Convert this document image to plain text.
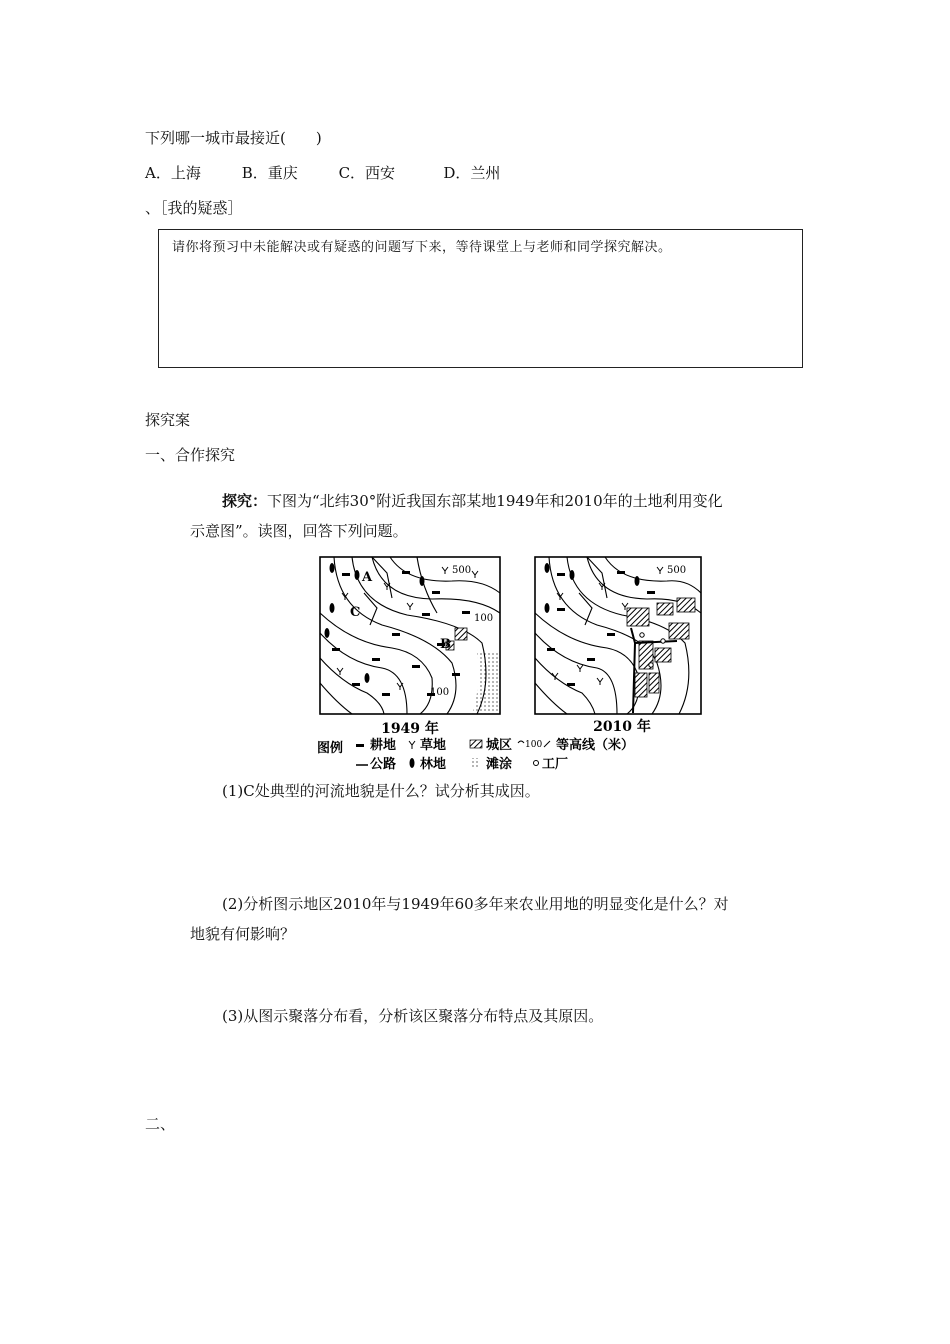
下列哪一城市最接近(　　)
A．上海	B．重庆	C．西安	D．兰州
、［我的疑惑］
请你将预习中未能解决或有疑惑的问题写下来，等待课堂上与老师和同学探究解决。
探究案
一、合作探究
探究：下图为“北纬30°附近我国东部某地1949年和2010年的土地利用变化
示意图”。读图，回答下列问题。
A
C
B
500
100
100
1949 年
500
2010 年
图例 耕地 草地	城区 100 等高线（米）
公路 林地	滩涂 工厂
(1)C处典型的河流地貌是什么？试分析其成因。
(2)分析图示地区2010年与1949年60多年来农业用地的明显变化是什么？对
地貌有何影响？
(3)从图示聚落分布看，分析该区聚落分布特点及其原因。
二、
